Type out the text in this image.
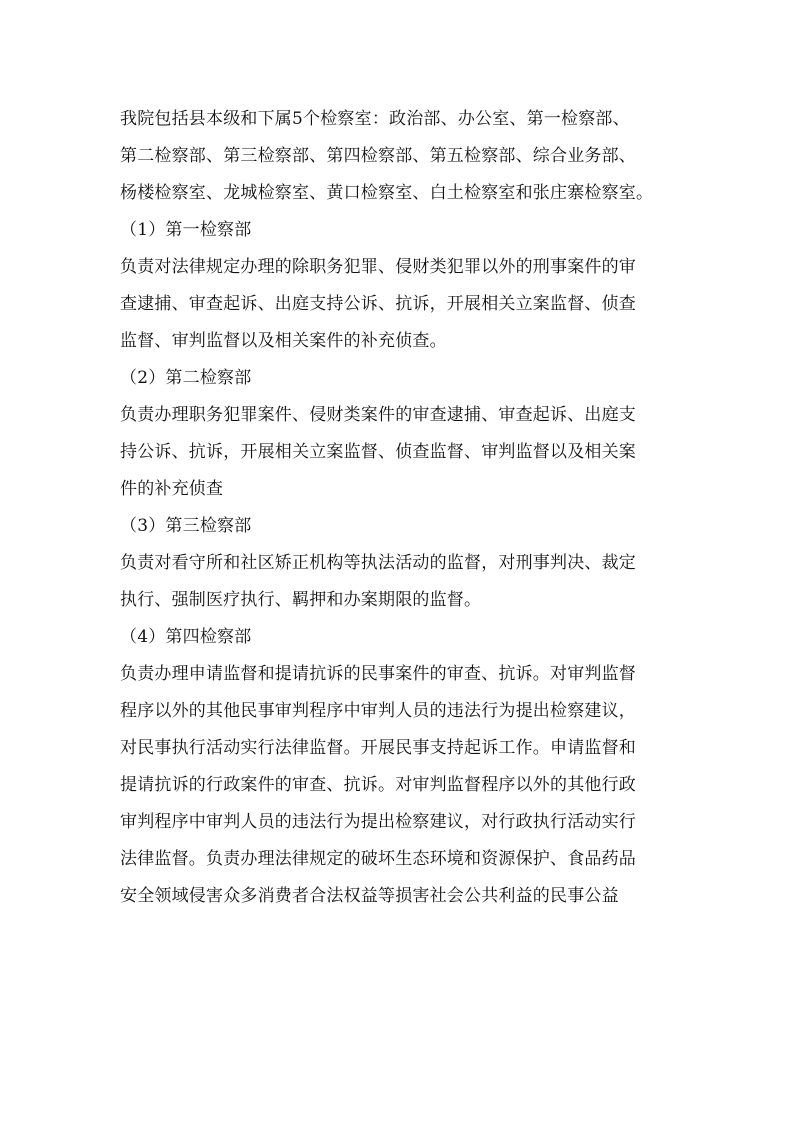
我院包括县本级和下属5个检察室：政治部、办公室、第一检察部、
第二检察部、第三检察部、第四检察部、第五检察部、综合业务部、
杨楼检察室、龙城检察室、黄口检察室、白土检察室和张庄寨检察室。
（1）第一检察部
负责对法律规定办理的除职务犯罪、侵财类犯罪以外的刑事案件的审
查逮捕、审查起诉、出庭支持公诉、抗诉，开展相关立案监督、侦查
监督、审判监督以及相关案件的补充侦查。
（2）第二检察部
负责办理职务犯罪案件、侵财类案件的审查逮捕、审查起诉、出庭支
持公诉、抗诉，开展相关立案监督、侦查监督、审判监督以及相关案
件的补充侦查
（3）第三检察部
负责对看守所和社区矫正机构等执法活动的监督，对刑事判决、裁定
执行、强制医疗执行、羁押和办案期限的监督。
（4）第四检察部
负责办理申请监督和提请抗诉的民事案件的审查、抗诉。对审判监督
程序以外的其他民事审判程序中审判人员的违法行为提出检察建议，
对民事执行活动实行法律监督。开展民事支持起诉工作。申请监督和
提请抗诉的行政案件的审查、抗诉。对审判监督程序以外的其他行政
审判程序中审判人员的违法行为提出检察建议，对行政执行活动实行
法律监督。负责办理法律规定的破坏生态环境和资源保护、食品药品
安全领域侵害众多消费者合法权益等损害社会公共利益的民事公益
